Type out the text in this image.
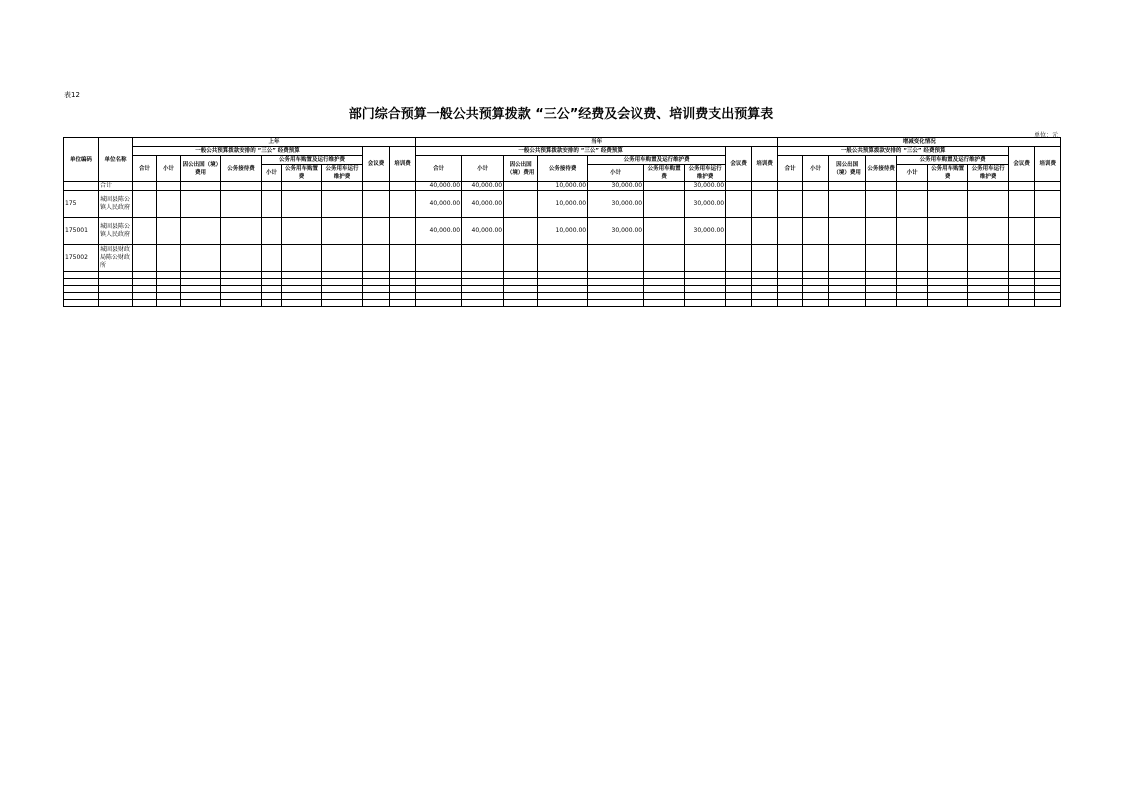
表12
部门综合预算一般公共预算拨款 “三公”经费及会议费、培训费支出预算表
单位：元
单位编码	单位名称	上年									当年									增减变化情况								
		一般公共预算拨款安排的 “三公” 经费预算							会议费	培训费	一般公共预算拨款安排的 “三公” 经费预算							会议费	培训费	一般公共预算拨款安排的 “三公” 经费预算							会议费	培训费
		合计	小计	因公出国（境）费用	公务接待费	公务用车购置及运行维护费					合计	小计	因公出国（境）费用	公务接待费	公务用车购置及运行维护费					合计	小计	因公出国（境）费用	公务接待费	公务用车购置及运行维护费				
						小计	公务用车购置费	公务用车运行维护费							小计	公务用车购置费	公务用车运行维护费							小计	公务用车购置费	公务用车运行维护费		
	合计										40,000.00	40,000.00		10,000.00	30,000.00		30,000.00											
175	城固县陈公镇人民政府										40,000.00	40,000.00		10,000.00	30,000.00		30,000.00											
175001	城固县陈公镇人民政府										40,000.00	40,000.00		10,000.00	30,000.00		30,000.00											
175002	城固县财政局陈公财政所																											
